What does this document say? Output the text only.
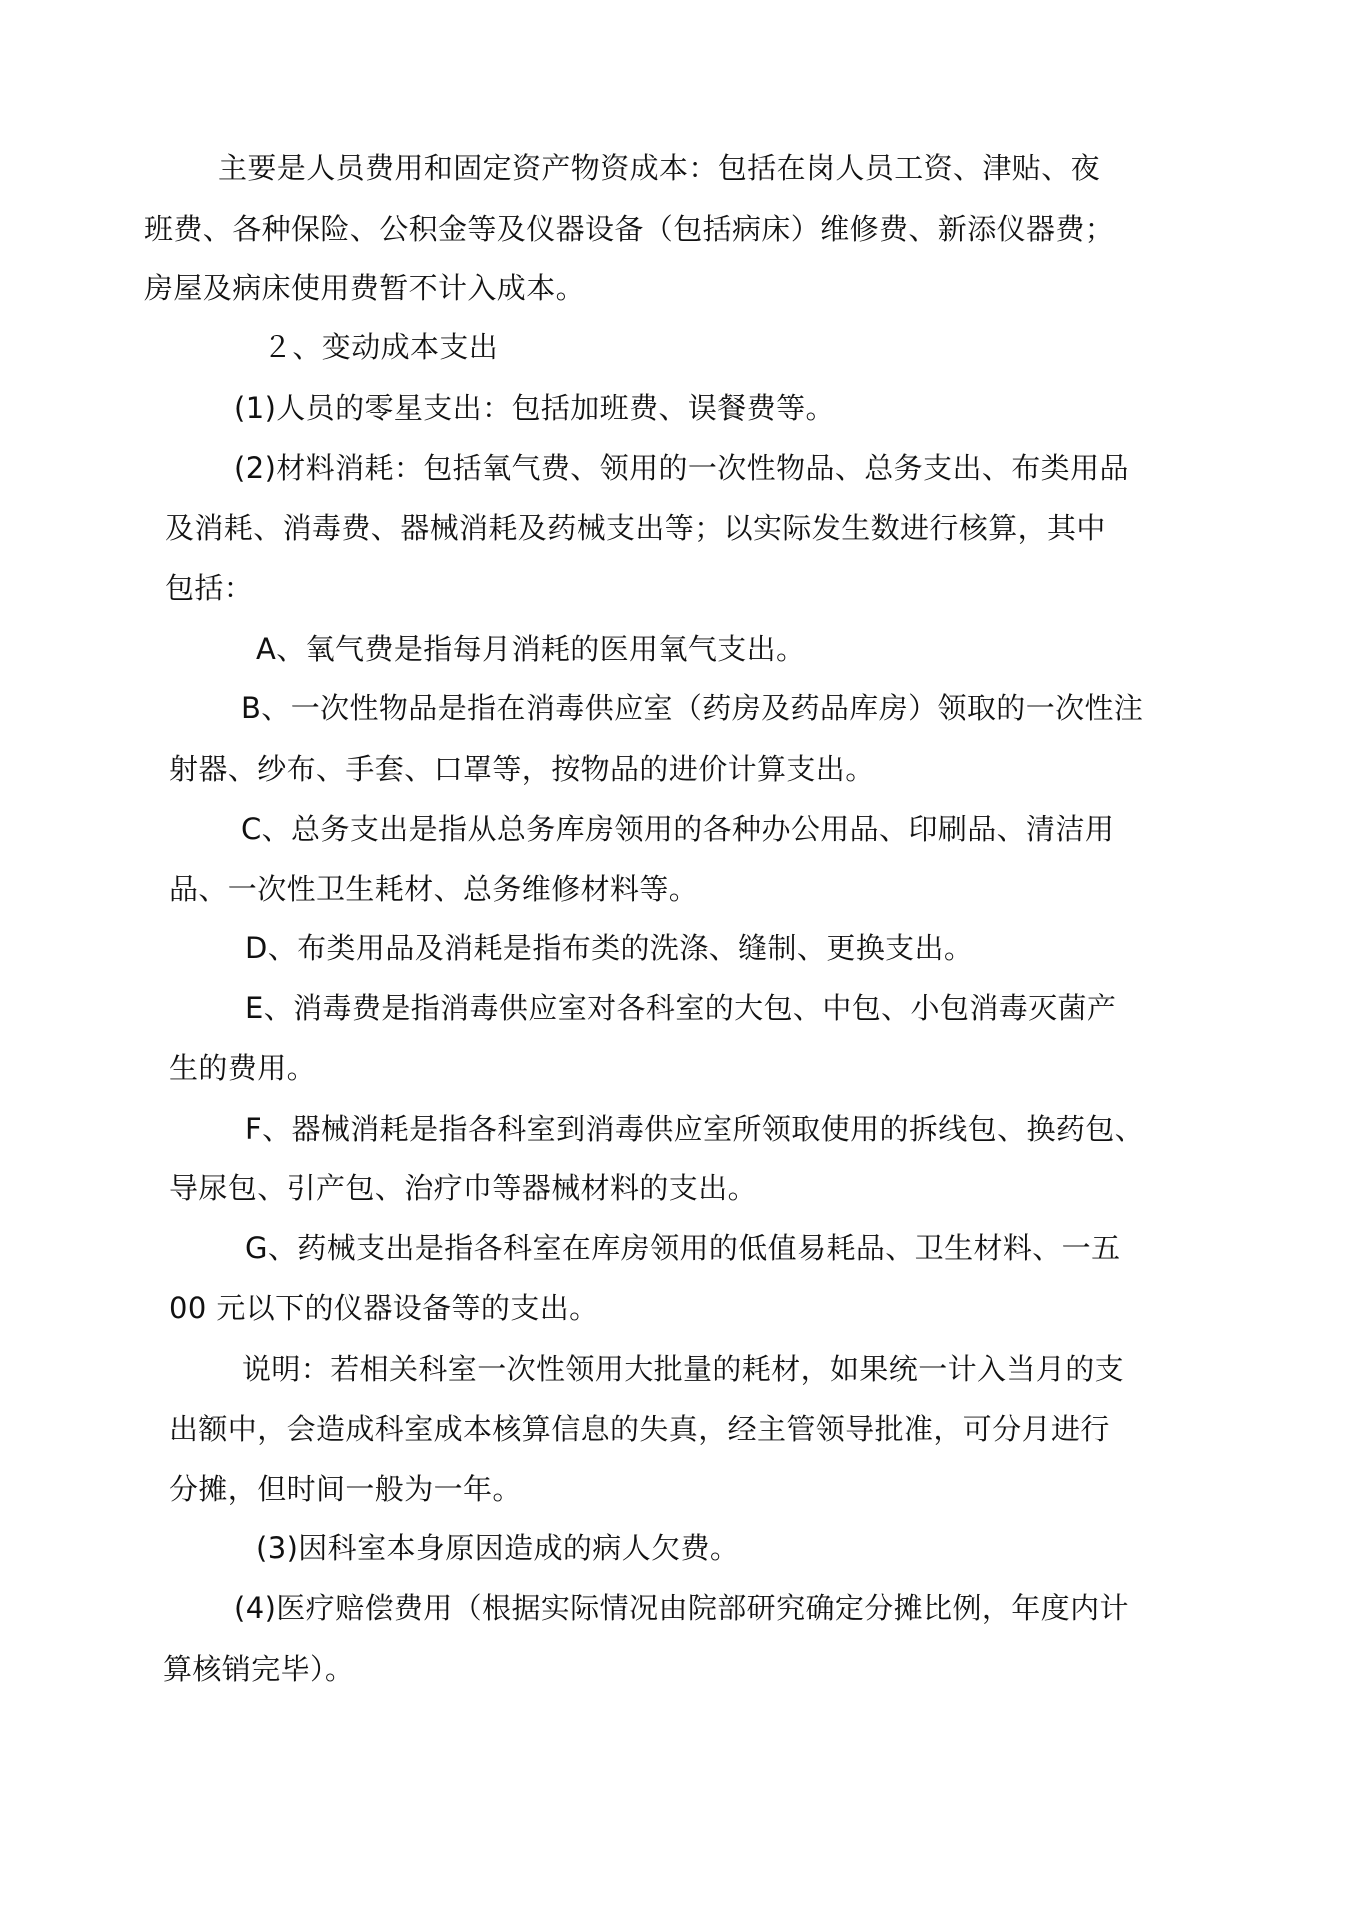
主要是人员费用和固定资产物资成本：包括在岗人员工资、津贴、夜
班费、各种保险、公积金等及仪器设备（包括病床）维修费、新添仪器费；
房屋及病床使用费暂不计入成本。
２、变动成本支出
(1)人员的零星支出：包括加班费、误餐费等。
(2)材料消耗：包括氧气费、领用的一次性物品、总务支出、布类用品
及消耗、消毒费、器械消耗及药械支出等；以实际发生数进行核算，其中
包括：
A、氧气费是指每月消耗的医用氧气支出。
B、一次性物品是指在消毒供应室（药房及药品库房）领取的一次性注
射器、纱布、手套、口罩等，按物品的进价计算支出。
C、总务支出是指从总务库房领用的各种办公用品、印刷品、清洁用
品、一次性卫生耗材、总务维修材料等。
D、布类用品及消耗是指布类的洗涤、缝制、更换支出。
E、消毒费是指消毒供应室对各科室的大包、中包、小包消毒灭菌产
生的费用。
F、器械消耗是指各科室到消毒供应室所领取使用的拆线包、换药包、
导尿包、引产包、治疗巾等器械材料的支出。
G、药械支出是指各科室在库房领用的低值易耗品、卫生材料、一五
00 元以下的仪器设备等的支出。
说明：若相关科室一次性领用大批量的耗材，如果统一计入当月的支
出额中，会造成科室成本核算信息的失真，经主管领导批准，可分月进行
分摊，但时间一般为一年。
(3)因科室本身原因造成的病人欠费。
(4)医疗赔偿费用（根据实际情况由院部研究确定分摊比例，年度内计
算核销完毕）。
